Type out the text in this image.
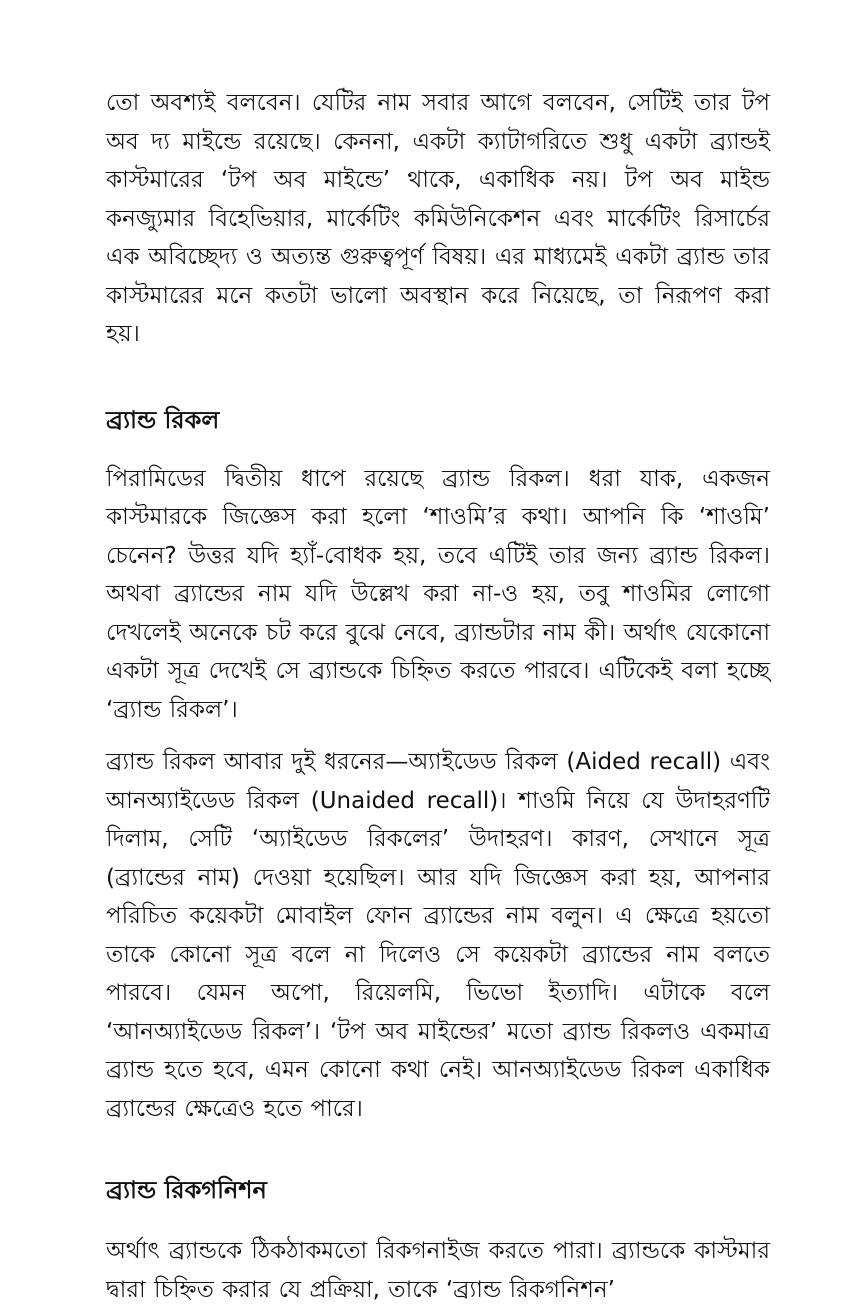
তো অবশ্যই বলবেন। যেটির নাম সবার আগে বলবেন, সেটিই তার টপ অব দ্য মাইন্ডে রয়েছে। কেননা, একটা ক্যাটাগরিতে শুধু একটা ব্র্যান্ডই কাস্টমারের ‘টপ অব মাইন্ডে’ থাকে, একাধিক নয়। টপ অব মাইন্ড কনজ্যুমার বিহেভিয়ার, মার্কেটিং কমিউনিকেশন এবং মার্কেটিং রিসার্চের এক অবিচ্ছেদ্য ও অত্যন্ত গুরুত্বপূর্ণ বিষয়। এর মাধ্যমেই একটা ব্র্যান্ড তার কাস্টমারের মনে কতটা ভালো অবস্থান করে নিয়েছে, তা নিরূপণ করা হয়।

ব্র্যান্ড রিকল

পিরামিডের দ্বিতীয় ধাপে রয়েছে ব্র্যান্ড রিকল। ধরা যাক, একজন কাস্টমারকে জিজ্ঞেস করা হলো ‘শাওমি’র কথা। আপনি কি ‘শাওমি’ চেনেন? উত্তর যদি হ্যাঁ-বোধক হয়, তবে এটিই তার জন্য ব্র্যান্ড রিকল। অথবা ব্র্যান্ডের নাম যদি উল্লেখ করা না-ও হয়, তবু শাওমির লোগো দেখলেই অনেকে চট করে বুঝে নেবে, ব্র্যান্ডটার নাম কী। অর্থাৎ যেকোনো একটা সূত্র দেখেই সে ব্র্যান্ডকে চিহ্নিত করতে পারবে। এটিকেই বলা হচ্ছে ‘ব্র্যান্ড রিকল’।

ব্র্যান্ড রিকল আবার দুই ধরনের—অ্যাইডেড রিকল (Aided recall) এবং আনঅ্যাইডেড রিকল (Unaided recall)। শাওমি নিয়ে যে উদাহরণটি দিলাম, সেটি ‘অ্যাইডেড রিকলের’ উদাহরণ। কারণ, সেখানে সূত্র (ব্র্যান্ডের নাম) দেওয়া হয়েছিল। আর যদি জিজ্ঞেস করা হয়, আপনার পরিচিত কয়েকটা মোবাইল ফোন ব্র্যান্ডের নাম বলুন। এ ক্ষেত্রে হয়তো তাকে কোনো সূত্র বলে না দিলেও সে কয়েকটা ব্র্যান্ডের নাম বলতে পারবে। যেমন অপো, রিয়েলমি, ভিভো ইত্যাদি। এটাকে বলে ‘আনঅ্যাইডেড রিকল’। ‘টপ অব মাইন্ডের’ মতো ব্র্যান্ড রিকলও একমাত্র ব্র্যান্ড হতে হবে, এমন কোনো কথা নেই। আনঅ্যাইডেড রিকল একাধিক ব্র্যান্ডের ক্ষেত্রেও হতে পারে।

ব্র্যান্ড রিকগনিশন

অর্থাৎ ব্র্যান্ডকে ঠিকঠাকমতো রিকগনাইজ করতে পারা। ব্র্যান্ডকে কাস্টমার দ্বারা চিহ্নিত করার যে প্রক্রিয়া, তাকে ‘ব্র্যান্ড রিকগনিশন’
